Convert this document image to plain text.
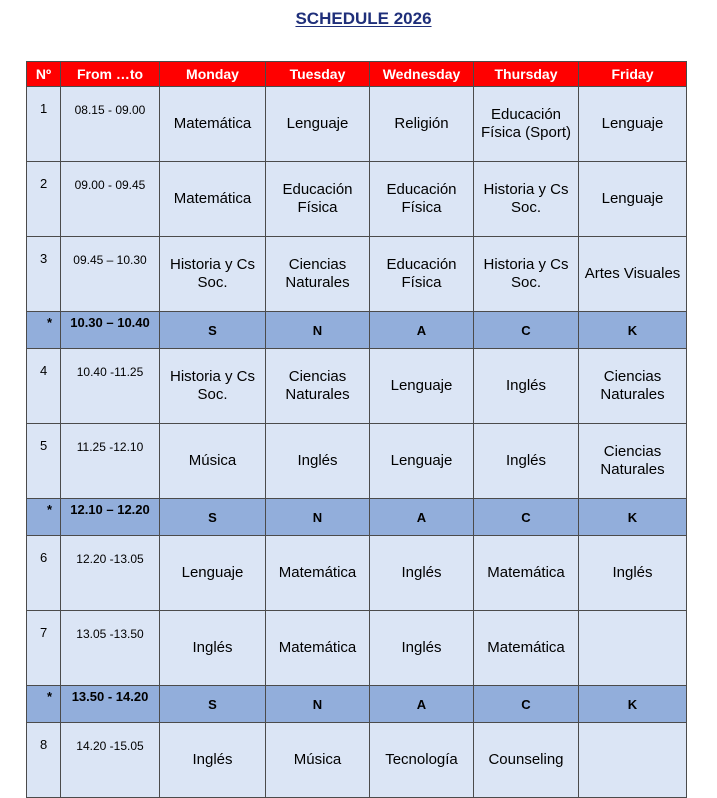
SCHEDULE 2026
Nº	From …to	Monday	Tuesday	Wednesday	Thursday	Friday
1	08.15 - 09.00	Matemática	Lenguaje	Religión	Educación Física (Sport)	Lenguaje
2	09.00 - 09.45	Matemática	Educación Física	Educación Física	Historia y Cs Soc.	Lenguaje
3	09.45 – 10.30	Historia y Cs Soc.	Ciencias Naturales	Educación Física	Historia y Cs Soc.	Artes Visuales
*	10.30 – 10.40	S	N	A	C	K
4	10.40 -11.25	Historia y Cs Soc.	Ciencias Naturales	Lenguaje	Inglés	Ciencias Naturales
5	11.25 -12.10	Música	Inglés	Lenguaje	Inglés	Ciencias Naturales
*	12.10 – 12.20	S	N	A	C	K
6	12.20 -13.05	Lenguaje	Matemática	Inglés	Matemática	Inglés
7	13.05 -13.50	Inglés	Matemática	Inglés	Matemática	
*	13.50 - 14.20	S	N	A	C	K
8	14.20 -15.05	Inglés	Música	Tecnología	Counseling	
